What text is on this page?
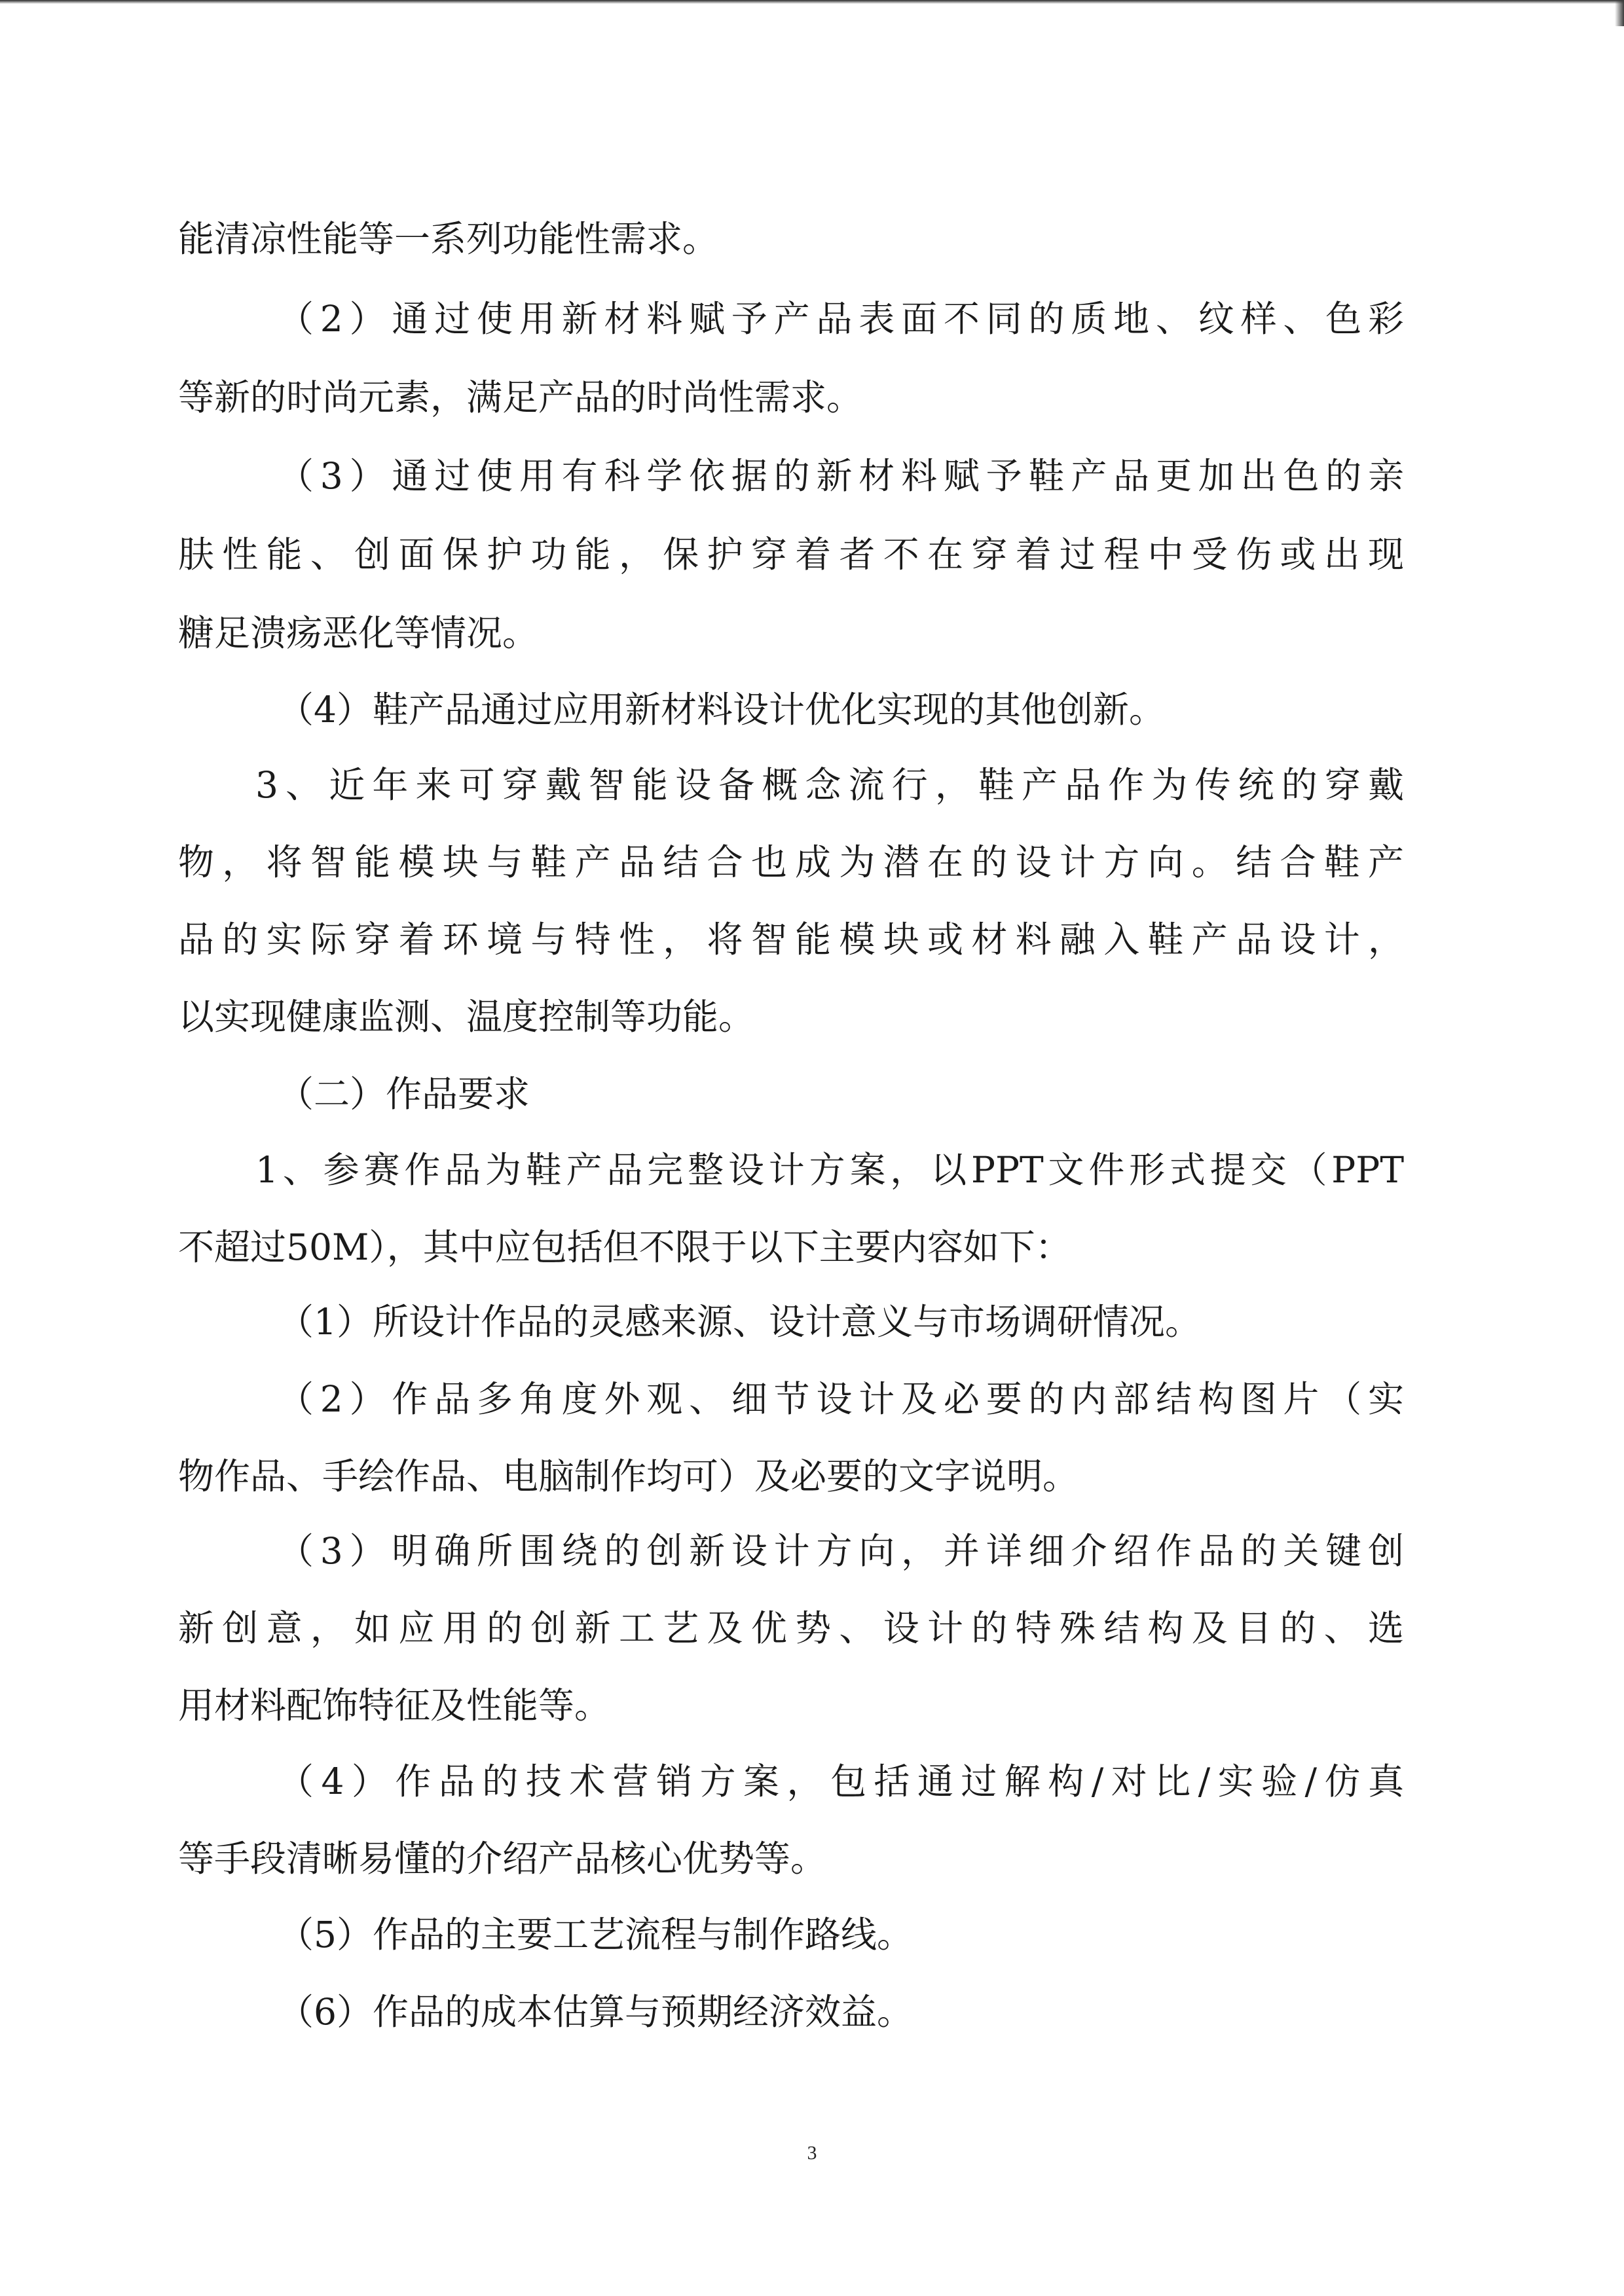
能清凉性能等一系列功能性需求。
（2）通过使用新材料赋予产品表面不同的质地、纹样、色彩
等新的时尚元素，满足产品的时尚性需求。
（3）通过使用有科学依据的新材料赋予鞋产品更加出色的亲
肤性能、创面保护功能，保护穿着者不在穿着过程中受伤或出现
糖足溃疡恶化等情况。
（4）鞋产品通过应用新材料设计优化实现的其他创新。
3、近年来可穿戴智能设备概念流行，鞋产品作为传统的穿戴
物，将智能模块与鞋产品结合也成为潜在的设计方向。结合鞋产
品的实际穿着环境与特性，将智能模块或材料融入鞋产品设计，
以实现健康监测、温度控制等功能。
（二）作品要求
1、参赛作品为鞋产品完整设计方案，以PPT文件形式提交（PPT
不超过50M），其中应包括但不限于以下主要内容如下：
（1）所设计作品的灵感来源、设计意义与市场调研情况。
（2）作品多角度外观、细节设计及必要的内部结构图片（实
物作品、手绘作品、电脑制作均可）及必要的文字说明。
（3）明确所围绕的创新设计方向，并详细介绍作品的关键创
新创意，如应用的创新工艺及优势、设计的特殊结构及目的、选
用材料配饰特征及性能等。
（4）作品的技术营销方案，包括通过解构/对比/实验/仿真
等手段清晰易懂的介绍产品核心优势等。
（5）作品的主要工艺流程与制作路线。
（6）作品的成本估算与预期经济效益。
3
